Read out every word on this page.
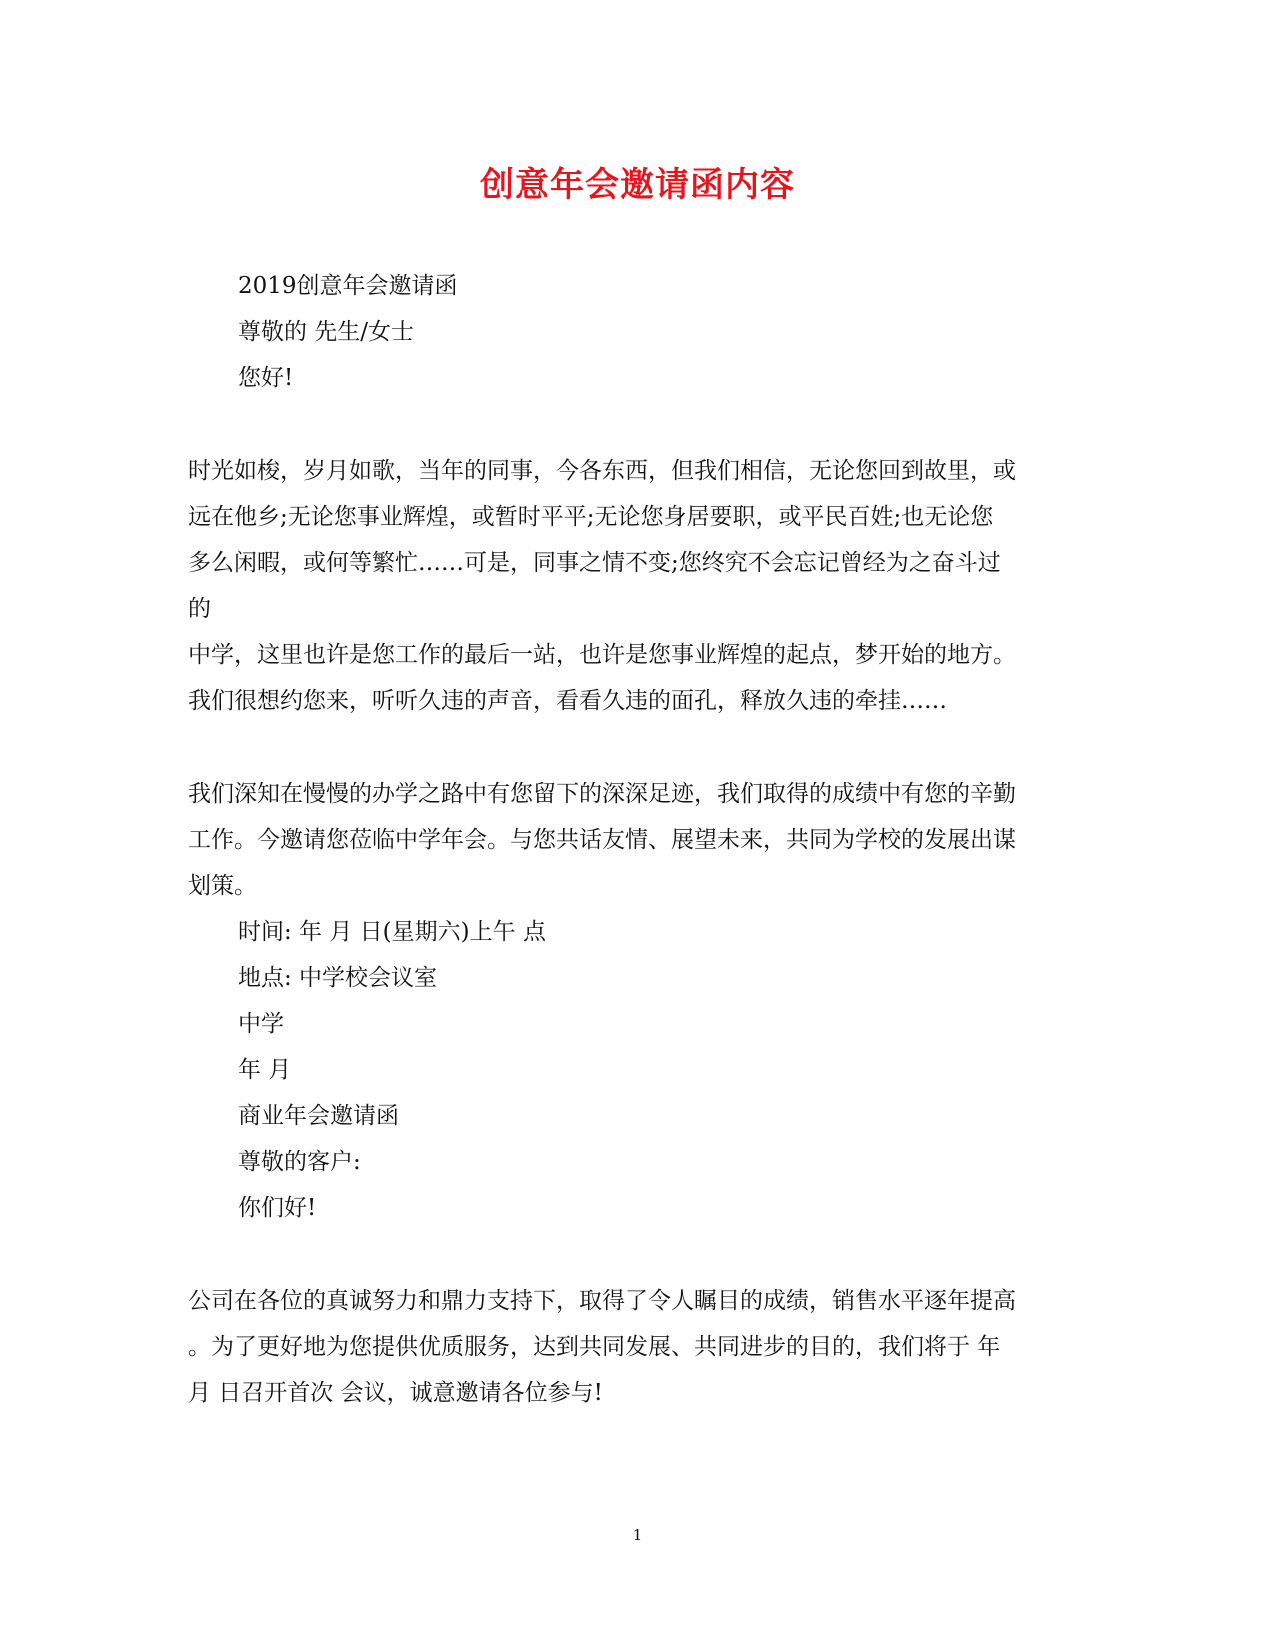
创意年会邀请函内容
2019创意年会邀请函
尊敬的 先生/女士
您好!
时光如梭，岁月如歌，当年的同事，今各东西，但我们相信，无论您回到故里，或
远在他乡;无论您事业辉煌，或暂时平平;无论您身居要职，或平民百姓;也无论您
多么闲暇，或何等繁忙……可是，同事之情不变;您终究不会忘记曾经为之奋斗过
的
中学，这里也许是您工作的最后一站，也许是您事业辉煌的起点，梦开始的地方。
我们很想约您来，听听久违的声音，看看久违的面孔，释放久违的牵挂……
我们深知在慢慢的办学之路中有您留下的深深足迹，我们取得的成绩中有您的辛勤
工作。今邀请您莅临中学年会。与您共话友情、展望未来，共同为学校的发展出谋
划策。
时间: 年 月 日(星期六)上午 点
地点: 中学校会议室
中学
年 月
商业年会邀请函
尊敬的客户:
你们好!
公司在各位的真诚努力和鼎力支持下，取得了令人瞩目的成绩，销售水平逐年提高
。为了更好地为您提供优质服务，达到共同发展、共同进步的目的，我们将于 年
月 日召开首次 会议，诚意邀请各位参与!
1
